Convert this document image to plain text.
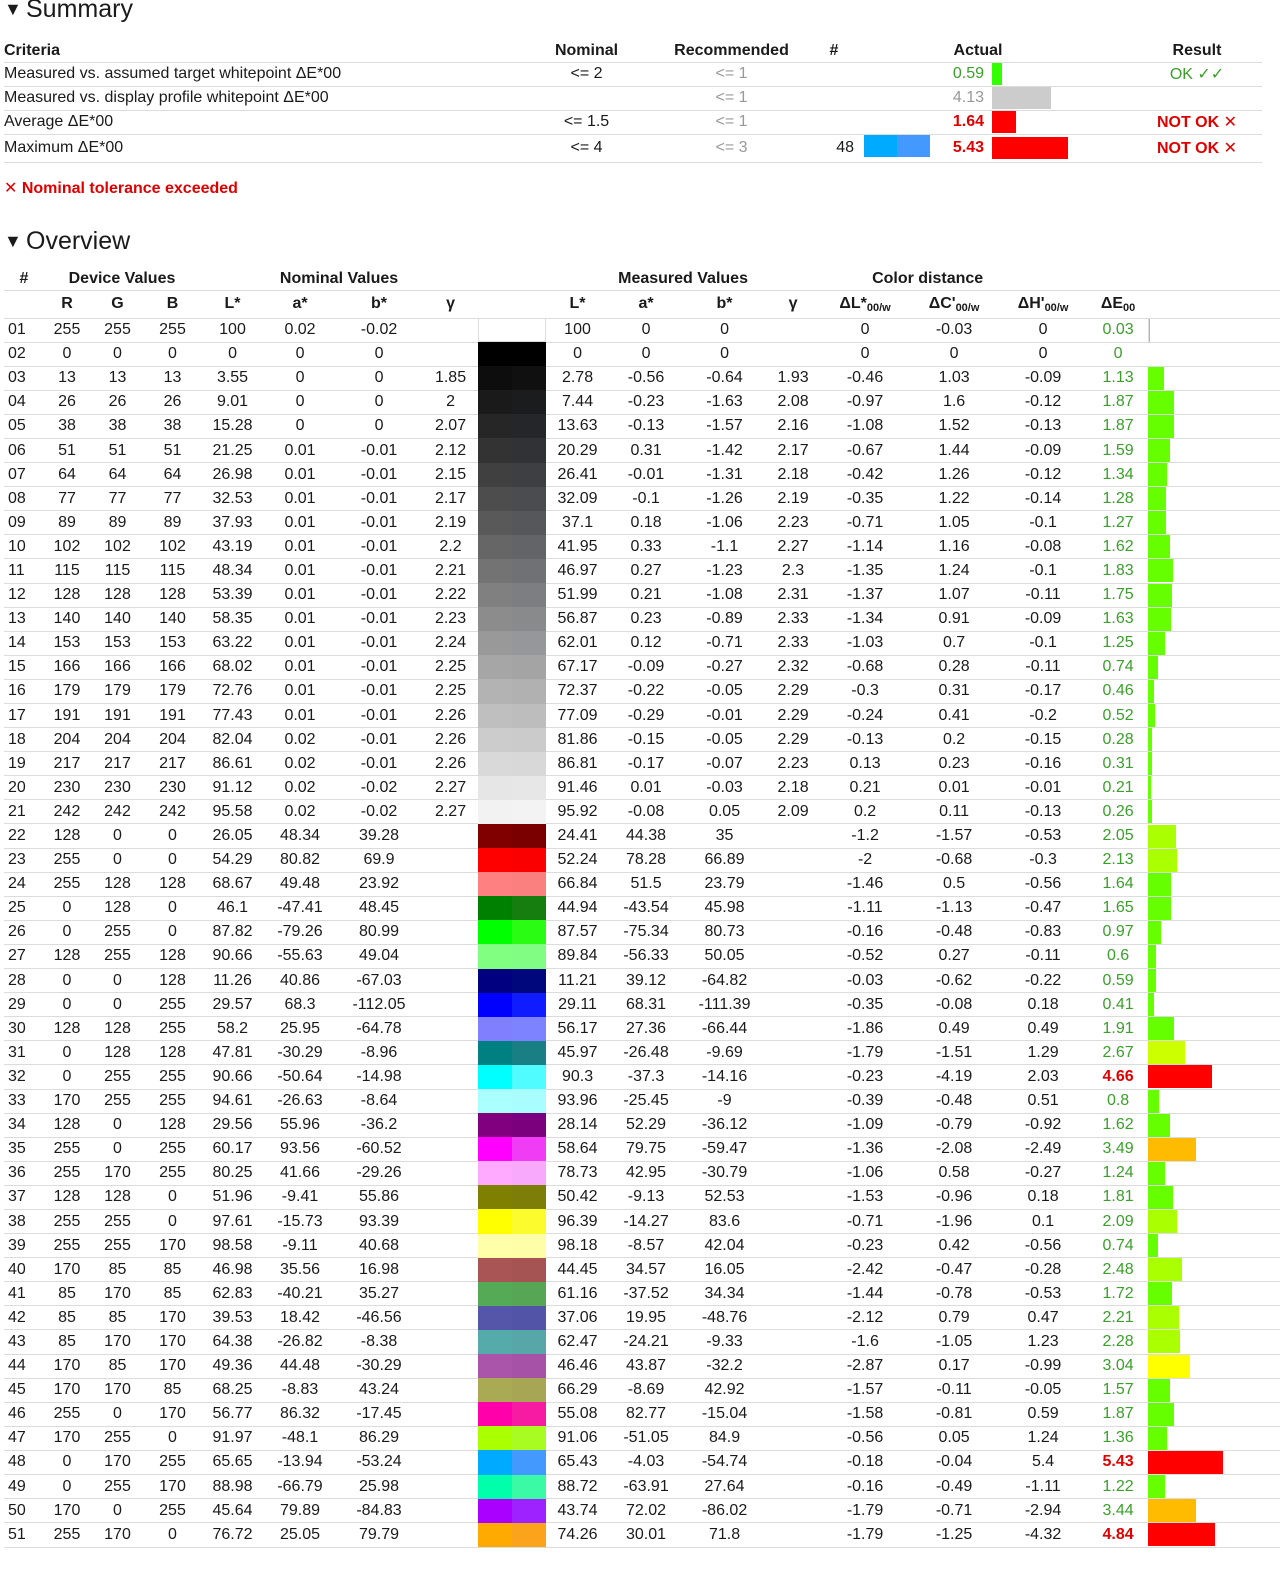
▼ Summary
Criteria	Nominal	Recommended	#		Actual			Result
Measured vs. assumed target whitepoint ΔE*00	<= 2	<= 1			0.59			OK ✓✓
Measured vs. display profile whitepoint ΔE*00		<= 1			4.13		

Average ΔE*00	<= 1.5	<= 1			1.64			NOT OK ✕
Maximum ΔE*00	<= 4	<= 3	48		5.43			NOT OK ✕
✕ Nominal tolerance exceeded
▼ Overview
#	Device Values			Nominal Values					Measured Values				Color distance				
	R	G	B	L*	a*	b*	γ		L*	a*	b*	γ	$\Delta L*_{00/w}$	$\Delta C'_{00/w}$	$\Delta H'_{00/w}$	$\Delta E_{00}$	
01	255	255	255	100	0.02	-0.02			100	0	0		0	-0.03	0	0.03	

02	0	0	0	0	0	0			0	0	0		0	0	0	0	

03	13	13	13	3.55	0	0	1.85		2.78	-0.56	-0.64	1.93	-0.46	1.03	-0.09	1.13	

04	26	26	26	9.01	0	0	2		7.44	-0.23	-1.63	2.08	-0.97	1.6	-0.12	1.87	

05	38	38	38	15.28	0	0	2.07		13.63	-0.13	-1.57	2.16	-1.08	1.52	-0.13	1.87	

06	51	51	51	21.25	0.01	-0.01	2.12		20.29	0.31	-1.42	2.17	-0.67	1.44	-0.09	1.59	

07	64	64	64	26.98	0.01	-0.01	2.15		26.41	-0.01	-1.31	2.18	-0.42	1.26	-0.12	1.34	

08	77	77	77	32.53	0.01	-0.01	2.17		32.09	-0.1	-1.26	2.19	-0.35	1.22	-0.14	1.28	

09	89	89	89	37.93	0.01	-0.01	2.19		37.1	0.18	-1.06	2.23	-0.71	1.05	-0.1	1.27	

10	102	102	102	43.19	0.01	-0.01	2.2		41.95	0.33	-1.1	2.27	-1.14	1.16	-0.08	1.62	

11	115	115	115	48.34	0.01	-0.01	2.21		46.97	0.27	-1.23	2.3	-1.35	1.24	-0.1	1.83	

12	128	128	128	53.39	0.01	-0.01	2.22		51.99	0.21	-1.08	2.31	-1.37	1.07	-0.11	1.75	

13	140	140	140	58.35	0.01	-0.01	2.23		56.87	0.23	-0.89	2.33	-1.34	0.91	-0.09	1.63	

14	153	153	153	63.22	0.01	-0.01	2.24		62.01	0.12	-0.71	2.33	-1.03	0.7	-0.1	1.25	

15	166	166	166	68.02	0.01	-0.01	2.25		67.17	-0.09	-0.27	2.32	-0.68	0.28	-0.11	0.74	

16	179	179	179	72.76	0.01	-0.01	2.25		72.37	-0.22	-0.05	2.29	-0.3	0.31	-0.17	0.46	

17	191	191	191	77.43	0.01	-0.01	2.26		77.09	-0.29	-0.01	2.29	-0.24	0.41	-0.2	0.52	

18	204	204	204	82.04	0.02	-0.01	2.26		81.86	-0.15	-0.05	2.29	-0.13	0.2	-0.15	0.28	

19	217	217	217	86.61	0.02	-0.01	2.26		86.81	-0.17	-0.07	2.23	0.13	0.23	-0.16	0.31	

20	230	230	230	91.12	0.02	-0.02	2.27		91.46	0.01	-0.03	2.18	0.21	0.01	-0.01	0.21	

21	242	242	242	95.58	0.02	-0.02	2.27		95.92	-0.08	0.05	2.09	0.2	0.11	-0.13	0.26	

22	128	0	0	26.05	48.34	39.28			24.41	44.38	35		-1.2	-1.57	-0.53	2.05	

23	255	0	0	54.29	80.82	69.9			52.24	78.28	66.89		-2	-0.68	-0.3	2.13	

24	255	128	128	68.67	49.48	23.92			66.84	51.5	23.79		-1.46	0.5	-0.56	1.64	

25	0	128	0	46.1	-47.41	48.45			44.94	-43.54	45.98		-1.11	-1.13	-0.47	1.65	

26	0	255	0	87.82	-79.26	80.99			87.57	-75.34	80.73		-0.16	-0.48	-0.83	0.97	

27	128	255	128	90.66	-55.63	49.04			89.84	-56.33	50.05		-0.52	0.27	-0.11	0.6	

28	0	0	128	11.26	40.86	-67.03			11.21	39.12	-64.82		-0.03	-0.62	-0.22	0.59	

29	0	0	255	29.57	68.3	-112.05			29.11	68.31	-111.39		-0.35	-0.08	0.18	0.41	

30	128	128	255	58.2	25.95	-64.78			56.17	27.36	-66.44		-1.86	0.49	0.49	1.91	

31	0	128	128	47.81	-30.29	-8.96			45.97	-26.48	-9.69		-1.79	-1.51	1.29	2.67	

32	0	255	255	90.66	-50.64	-14.98			90.3	-37.3	-14.16		-0.23	-4.19	2.03	4.66	

33	170	255	255	94.61	-26.63	-8.64			93.96	-25.45	-9		-0.39	-0.48	0.51	0.8	

34	128	0	128	29.56	55.96	-36.2			28.14	52.29	-36.12		-1.09	-0.79	-0.92	1.62	

35	255	0	255	60.17	93.56	-60.52			58.64	79.75	-59.47		-1.36	-2.08	-2.49	3.49	

36	255	170	255	80.25	41.66	-29.26			78.73	42.95	-30.79		-1.06	0.58	-0.27	1.24	

37	128	128	0	51.96	-9.41	55.86			50.42	-9.13	52.53		-1.53	-0.96	0.18	1.81	

38	255	255	0	97.61	-15.73	93.39			96.39	-14.27	83.6		-0.71	-1.96	0.1	2.09	

39	255	255	170	98.58	-9.11	40.68			98.18	-8.57	42.04		-0.23	0.42	-0.56	0.74	

40	170	85	85	46.98	35.56	16.98			44.45	34.57	16.05		-2.42	-0.47	-0.28	2.48	

41	85	170	85	62.83	-40.21	35.27			61.16	-37.52	34.34		-1.44	-0.78	-0.53	1.72	

42	85	85	170	39.53	18.42	-46.56			37.06	19.95	-48.76		-2.12	0.79	0.47	2.21	

43	85	170	170	64.38	-26.82	-8.38			62.47	-24.21	-9.33		-1.6	-1.05	1.23	2.28	

44	170	85	170	49.36	44.48	-30.29			46.46	43.87	-32.2		-2.87	0.17	-0.99	3.04	

45	170	170	85	68.25	-8.83	43.24			66.29	-8.69	42.92		-1.57	-0.11	-0.05	1.57	

46	255	0	170	56.77	86.32	-17.45			55.08	82.77	-15.04		-1.58	-0.81	0.59	1.87	

47	170	255	0	91.97	-48.1	86.29			91.06	-51.05	84.9		-0.56	0.05	1.24	1.36	

48	0	170	255	65.65	-13.94	-53.24			65.43	-4.03	-54.74		-0.18	-0.04	5.4	5.43	

49	0	255	170	88.98	-66.79	25.98			88.72	-63.91	27.64		-0.16	-0.49	-1.11	1.22	

50	170	0	255	45.64	79.89	-84.83			43.74	72.02	-86.02		-1.79	-0.71	-2.94	3.44	

51	255	170	0	76.72	25.05	79.79			74.26	30.01	71.8		-1.79	-1.25	-4.32	4.84	
